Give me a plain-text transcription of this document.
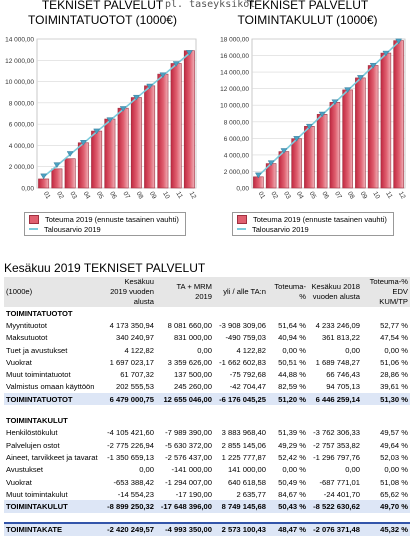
pl. taseyksiköt
TEKNISET PALVELUT
TOIMINTATUOTOT (1000€)
0,00
2 000,00
4 000,00
6 000,00
8 000,00
10 000,00
12 000,00
14 000,00
01 02 03 04 05 06 07 08 09 10 11 12
Toteuma 2019 (ennuste tasainen vauhti)
Talousarvio 2019
TEKNISET PALVELUT
TOIMINTAKULUT (1000€)
0,00
2 000,00
4 000,00
6 000,00
8 000,00
10 000,00
12 000,00
14 000,00
16 000,00
18 000,00
01 02 03 04 05 06 07 08 09 10 11 12
Toteuma 2019 (ennuste tasainen vauhti)
Talousarvio 2019
Kesäkuu 2019 TEKNISET PALVELUT
(1000e)	Kesäkuu 2019 vuoden alusta	TA + MRM 2019	yli / alle TA:n	Toteuma-%	Kesäkuu 2018 vuoden alusta	Toteuma-% EDV KUM/TP
TOIMINTATUOTOT						
Myyntituotot	4 173 350,94	8 081 660,00	-3 908 309,06	51,64 %	4 233 246,09	52,77 %
Maksutuotot	340 240,97	831 000,00	-490 759,03	40,94 %	361 813,22	47,54 %
Tuet ja avustukset	4 122,82	0,00	4 122,82	0,00 %	0,00	0,00 %
Vuokrat	1 697 023,17	3 359 626,00	-1 662 602,83	50,51 %	1 689 748,27	51,06 %
Muut toimintatuotot	61 707,32	137 500,00	-75 792,68	44,88 %	66 746,43	28,86 %
Valmistus omaan käyttöön	202 555,53	245 260,00	-42 704,47	82,59 %	94 705,13	39,61 %
TOIMINTATUOTOT	6 479 000,75	12 655 046,00	-6 176 045,25	51,20 %	6 446 259,14	51,30 %

TOIMINTAKULUT						
Henkilöstökulut	-4 105 421,60	-7 989 390,00	3 883 968,40	51,39 %	-3 762 306,33	49,57 %
Palvelujen ostot	-2 775 226,94	-5 630 372,00	2 855 145,06	49,29 %	-2 757 353,82	49,64 %
Aineet, tarvikkeet ja tavarat	-1 350 659,13	-2 576 437,00	1 225 777,87	52,42 %	-1 296 797,76	52,03 %
Avustukset	0,00	-141 000,00	141 000,00	0,00 %	0,00	0,00 %
Vuokrat	-653 388,42	-1 294 007,00	640 618,58	50,49 %	-687 771,01	51,08 %
Muut toimintakulut	-14 554,23	-17 190,00	2 635,77	84,67 %	-24 401,70	65,62 %
TOIMINTAKULUT	-8 899 250,32	-17 648 396,00	8 749 145,68	50,43 %	-8 522 630,62	49,70 %

TOIMINTAKATE	-2 420 249,57	-4 993 350,00	2 573 100,43	48,47 %	-2 076 371,48	45,32 %
